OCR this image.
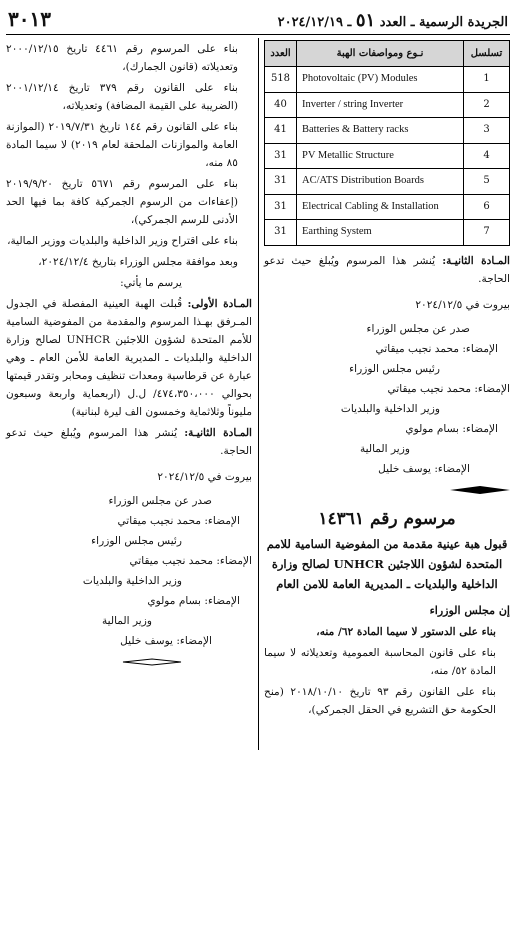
الجريدة الرسمية ـ العدد ٥١ ـ ٢٠٢٤/١٢/١٩
٣٠١٣
تسلسل	نـوع ومواصفات الهبة	العدد
1	Photovoltaic (PV) Modules	518
2	Inverter / string Inverter	40
3	Batteries & Battery racks	41
4	PV Metallic Structure	31
5	AC/ATS Distribution Boards	31
6	Electrical Cabling & Installation	31
7	Earthing System	31

المـادة الثانيـة: يُنشر هذا المرسوم ويُبلغ حيث تدعو الحاجة.

بيروت في ٢٠٢٤/١٢/٥

صدر عن مجلس الوزراء
الإمضاء: محمد نجيب ميقاتي
رئيس مجلس الوزراء
الإمضاء: محمد نجيب ميقاتي
وزير الداخلية والبلديات
الإمضاء: بسام مولوي
وزير المالية
الإمضاء: يوسف خليل
مرسوم رقم ١٤٣٦١
قبول هبة عينية مقدمة من المفوضية السامية للامم المتحدة لشؤون اللاجئين UNHCR لصالح وزارة الداخلية والبلديات ـ المديرية العامة للامن العام

إن مجلس الوزراء

بناء على الدستور لا سيما المادة ٦٢/ منه،

بناء على قانون المحاسبة العمومية وتعديلاته لا سيما المادة ٥٢/ منه،

بناء على القانون رقم ٩٣ تاريخ ٢٠١٨/١٠/١٠ (منح الحكومة حق التشريع في الحقل الجمركي)،

بناء على المرسوم رقم ٤٤٦١ تاريخ ٢٠٠٠/١٢/١٥ وتعديلاته (قانون الجمارك)،

بناء على القانون رقم ٣٧٩ تاريخ ٢٠٠١/١٢/١٤ (الضريبة على القيمة المضافة) وتعديلاته،

بناء على القانون رقم ١٤٤ تاريخ ٢٠١٩/٧/٣١ (الموازنة العامة والموازنات الملحقة لعام ٢٠١٩) لا سيما المادة ٨٥ منه،

بناء على المرسوم رقم ٥٦٧١ تاريخ ٢٠١٩/٩/٢٠ (إعفاءات من الرسوم الجمركية كافة بما فيها الحد الأدنى للرسم الجمركي)،

بناء على اقتراح وزير الداخلية والبلديات ووزير المالية،

وبعد موافقة مجلس الوزراء بتاريخ ٢٠٢٤/١٢/٤،

يرسم ما يأتي:

المـادة الأولى: قُبلت الهبة العينية المفصلة في الجدول المـرفق بهـذا المرسوم والمقدمة من المفوضية السامية للأمم المتحدة لشؤون اللاجئين UNHCR لصالح وزارة الداخلية والبلديات ـ المديرية العامة للأمن العام ـ وهي عبارة عن قرطاسية ومعدات تنظيف ومحابر وتقدر قيمتها بحوالي ٤٧٤،٣٥٠،٠٠٠/ ل.ل (اربعماية واربعة وسبعون مليوناً وثلاثماية وخمسون الف ليرة لبنانية)

المـادة الثانيـة: يُنشر هذا المرسوم ويُبلغ حيث تدعو الحاجة.

بيروت في ٢٠٢٤/١٢/٥

صدر عن مجلس الوزراء
الإمضاء: محمد نجيب ميقاتي
رئيس مجلس الوزراء
الإمضاء: محمد نجيب ميقاتي
وزير الداخلية والبلديات
الإمضاء: بسام مولوي
وزير المالية
الإمضاء: يوسف خليل
